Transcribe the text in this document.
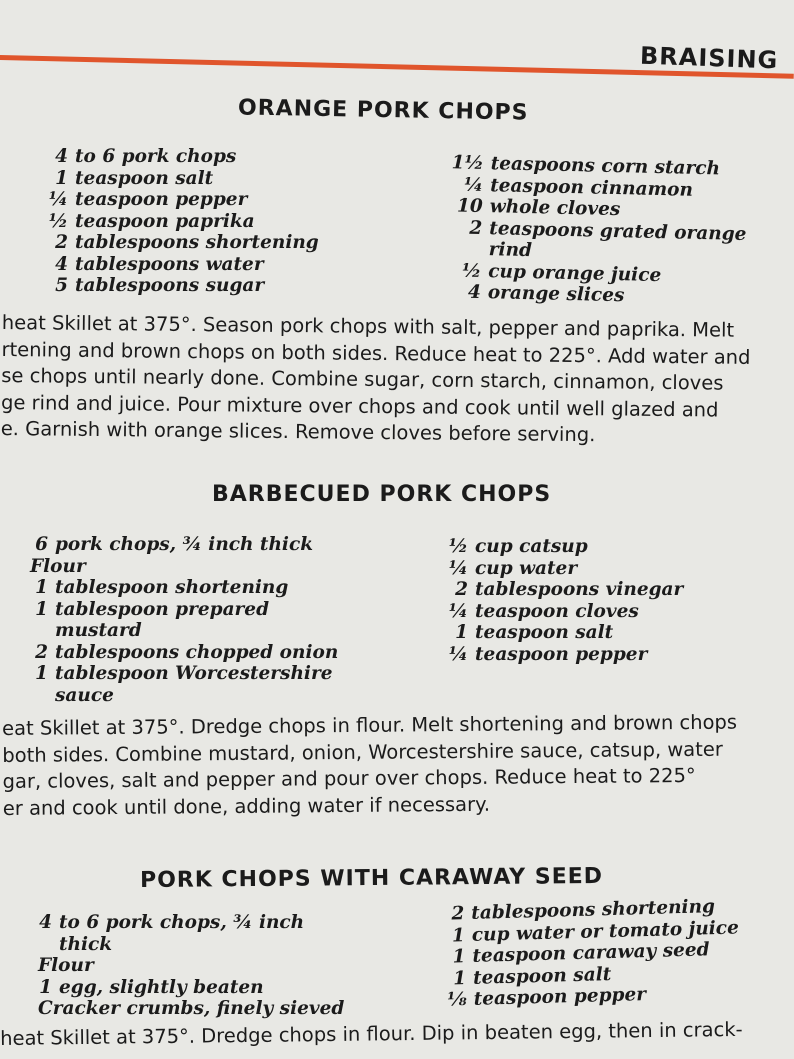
BRAISING
ORANGE PORK CHOPS
4 to 6 pork chops
1 teaspoon salt
¼ teaspoon pepper
½ teaspoon paprika
2 tablespoons shortening
4 tablespoons water
5 tablespoons sugar
1½ teaspoons corn starch
¼ teaspoon cinnamon
10 whole cloves
2 teaspoons grated orange
rind
½ cup orange juice
4 orange slices
heat Skillet at 375°. Season pork chops with salt, pepper and paprika. Melt
rtening and brown chops on both sides. Reduce heat to 225°. Add water and
se chops until nearly done. Combine sugar, corn starch, cinnamon, cloves
ge rind and juice. Pour mixture over chops and cook until well glazed and
e. Garnish with orange slices. Remove cloves before serving.
BARBECUED PORK CHOPS
6 pork chops, ¾ inch thick
Flour
1 tablespoon shortening
1 tablespoon prepared
mustard
2 tablespoons chopped onion
1 tablespoon Worcestershire
sauce
½ cup catsup
¼ cup water
2 tablespoons vinegar
¼ teaspoon cloves
1 teaspoon salt
¼ teaspoon pepper
eat Skillet at 375°. Dredge chops in flour. Melt shortening and brown chops
both sides. Combine mustard, onion, Worcestershire sauce, catsup, water
gar, cloves, salt and pepper and pour over chops. Reduce heat to 225°
er and cook until done, adding water if necessary.
PORK CHOPS WITH CARAWAY SEED
4 to 6 pork chops, ¾ inch
thick
Flour
1 egg, slightly beaten
Cracker crumbs, finely sieved
2 tablespoons shortening
1 cup water or tomato juice
1 teaspoon caraway seed
1 teaspoon salt
⅛ teaspoon pepper
heat Skillet at 375°. Dredge chops in flour. Dip in beaten egg, then in crack-
